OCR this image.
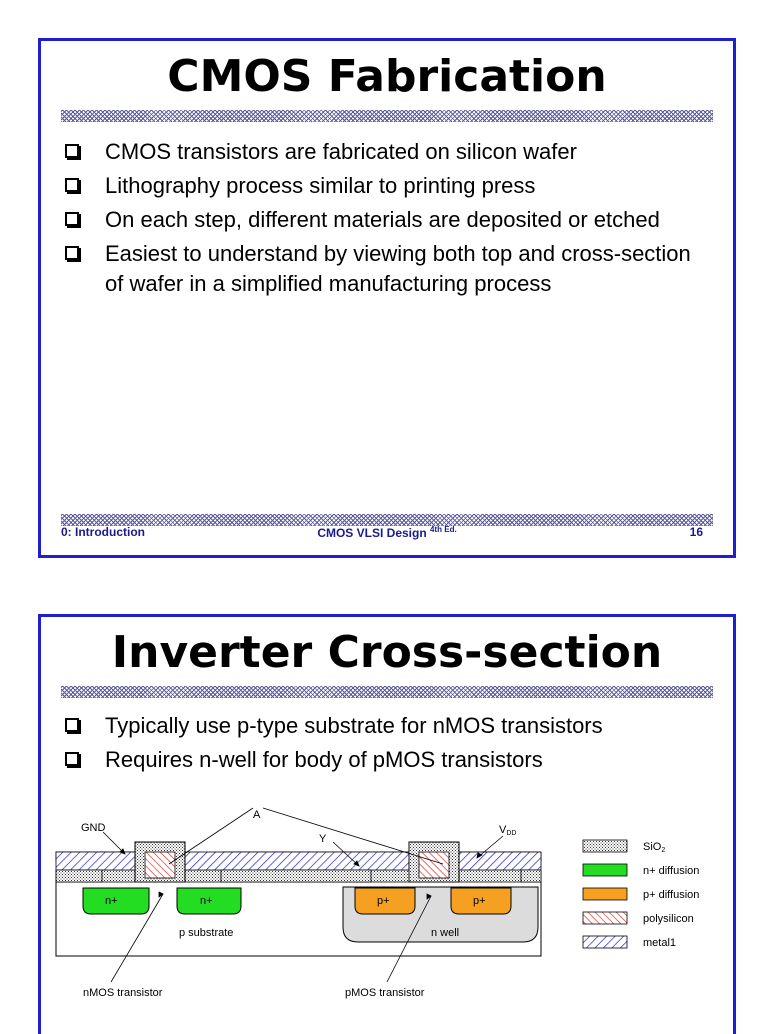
CMOS Fabrication
CMOS transistors are fabricated on silicon wafer
Lithography process similar to printing press
On each step, different materials are deposited or etched
Easiest to understand by viewing both top and cross-section of wafer in a simplified manufacturing process
0: Introduction	CMOS VLSI Design $^{4th Ed.}$	16
Inverter Cross-section
Typically use p-type substrate for nMOS transistors
Requires n-well for body of pMOS transistors
A
GND
Y
VDD
n+	n+	p+	p+
p substrate	n well
nMOS transistor	pMOS transistor
SiO2
n+ diffusion
p+ diffusion
polysilicon
metal1
